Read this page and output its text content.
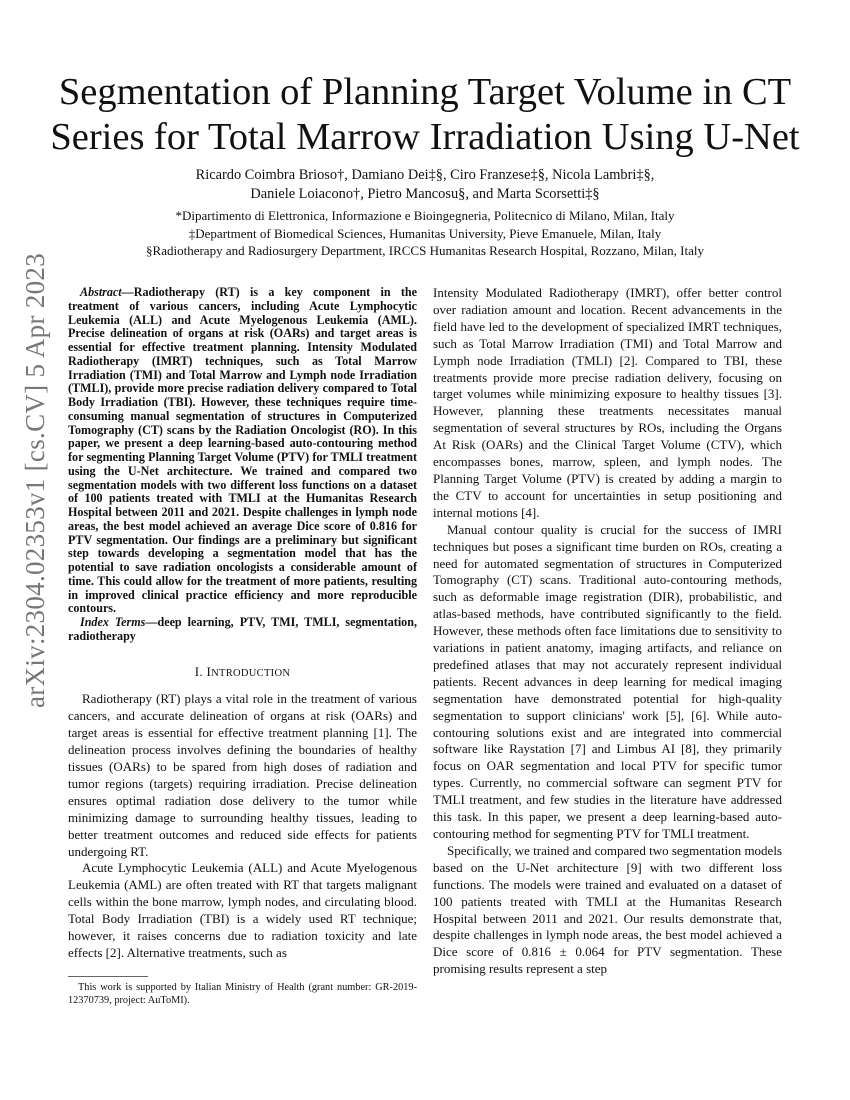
arXiv:2304.02353v1 [cs.CV] 5 Apr 2023
Segmentation of Planning Target Volume in CT Series for Total Marrow Irradiation Using U-Net
Ricardo Coimbra Brioso†, Damiano Dei‡§, Ciro Franzese‡§, Nicola Lambri‡§,
Daniele Loiacono†, Pietro Mancosu§, and Marta Scorsetti‡§
*Dipartimento di Elettronica, Informazione e Bioingegneria, Politecnico di Milano, Milan, Italy
‡Department of Biomedical Sciences, Humanitas University, Pieve Emanuele, Milan, Italy
§Radiotherapy and Radiosurgery Department, IRCCS Humanitas Research Hospital, Rozzano, Milan, Italy

Abstract—Radiotherapy (RT) is a key component in the treatment of various cancers, including Acute Lymphocytic Leukemia (ALL) and Acute Myelogenous Leukemia (AML). Precise delineation of organs at risk (OARs) and target areas is essential for effective treatment planning. Intensity Modulated Radiotherapy (IMRT) techniques, such as Total Marrow Irradiation (TMI) and Total Marrow and Lymph node Irradiation (TMLI), provide more precise radiation delivery compared to Total Body Irradiation (TBI). However, these techniques require time-consuming manual segmentation of structures in Computerized Tomography (CT) scans by the Radiation Oncologist (RO). In this paper, we present a deep learning-based auto-contouring method for segmenting Planning Target Volume (PTV) for TMLI treatment using the U-Net architecture. We trained and compared two segmentation models with two different loss functions on a dataset of 100 patients treated with TMLI at the Humanitas Research Hospital between 2011 and 2021. Despite challenges in lymph node areas, the best model achieved an average Dice score of 0.816 for PTV segmentation. Our findings are a preliminary but significant step towards developing a segmentation model that has the potential to save radiation oncologists a considerable amount of time. This could allow for the treatment of more patients, resulting in improved clinical practice efficiency and more reproducible contours.

Index Terms—deep learning, PTV, TMI, TMLI, segmentation, radiotherapy

I. INTRODUCTION

Radiotherapy (RT) plays a vital role in the treatment of various cancers, and accurate delineation of organs at risk (OARs) and target areas is essential for effective treatment planning [1]. The delineation process involves defining the boundaries of healthy tissues (OARs) to be spared from high doses of radiation and tumor regions (targets) requiring irradiation. Precise delineation ensures optimal radiation dose delivery to the tumor while minimizing damage to surrounding healthy tissues, leading to better treatment outcomes and reduced side effects for patients undergoing RT.

Acute Lymphocytic Leukemia (ALL) and Acute Myelogenous Leukemia (AML) are often treated with RT that targets malignant cells within the bone marrow, lymph nodes, and circulating blood. Total Body Irradiation (TBI) is a widely used RT technique; however, it raises concerns due to radiation toxicity and late effects [2]. Alternative treatments, such as

This work is supported by Italian Ministry of Health (grant number: GR-2019-12370739, project: AuToMI).

Intensity Modulated Radiotherapy (IMRT), offer better control over radiation amount and location. Recent advancements in the field have led to the development of specialized IMRT techniques, such as Total Marrow Irradiation (TMI) and Total Marrow and Lymph node Irradiation (TMLI) [2]. Compared to TBI, these treatments provide more precise radiation delivery, focusing on target volumes while minimizing exposure to healthy tissues [3]. However, planning these treatments necessitates manual segmentation of several structures by ROs, including the Organs At Risk (OARs) and the Clinical Target Volume (CTV), which encompasses bones, marrow, spleen, and lymph nodes. The Planning Target Volume (PTV) is created by adding a margin to the CTV to account for uncertainties in setup positioning and internal motions [4].

Manual contour quality is crucial for the success of IMRI techniques but poses a significant time burden on ROs, creating a need for automated segmentation of structures in Computerized Tomography (CT) scans. Traditional auto-contouring methods, such as deformable image registration (DIR), probabilistic, and atlas-based methods, have contributed significantly to the field. However, these methods often face limitations due to sensitivity to variations in patient anatomy, imaging artifacts, and reliance on predefined atlases that may not accurately represent individual patients. Recent advances in deep learning for medical imaging segmentation have demonstrated potential for high-quality segmentation to support clinicians' work [5], [6]. While auto-contouring solutions exist and are integrated into commercial software like Raystation [7] and Limbus AI [8], they primarily focus on OAR segmentation and local PTV for specific tumor types. Currently, no commercial software can segment PTV for TMLI treatment, and few studies in the literature have addressed this task. In this paper, we present a deep learning-based auto-contouring method for segmenting PTV for TMLI treatment.

Specifically, we trained and compared two segmentation models based on the U-Net architecture [9] with two different loss functions. The models were trained and evaluated on a dataset of 100 patients treated with TMLI at the Humanitas Research Hospital between 2011 and 2021. Our results demonstrate that, despite challenges in lymph node areas, the best model achieved a Dice score of 0.816 ± 0.064 for PTV segmentation. These promising results represent a step
